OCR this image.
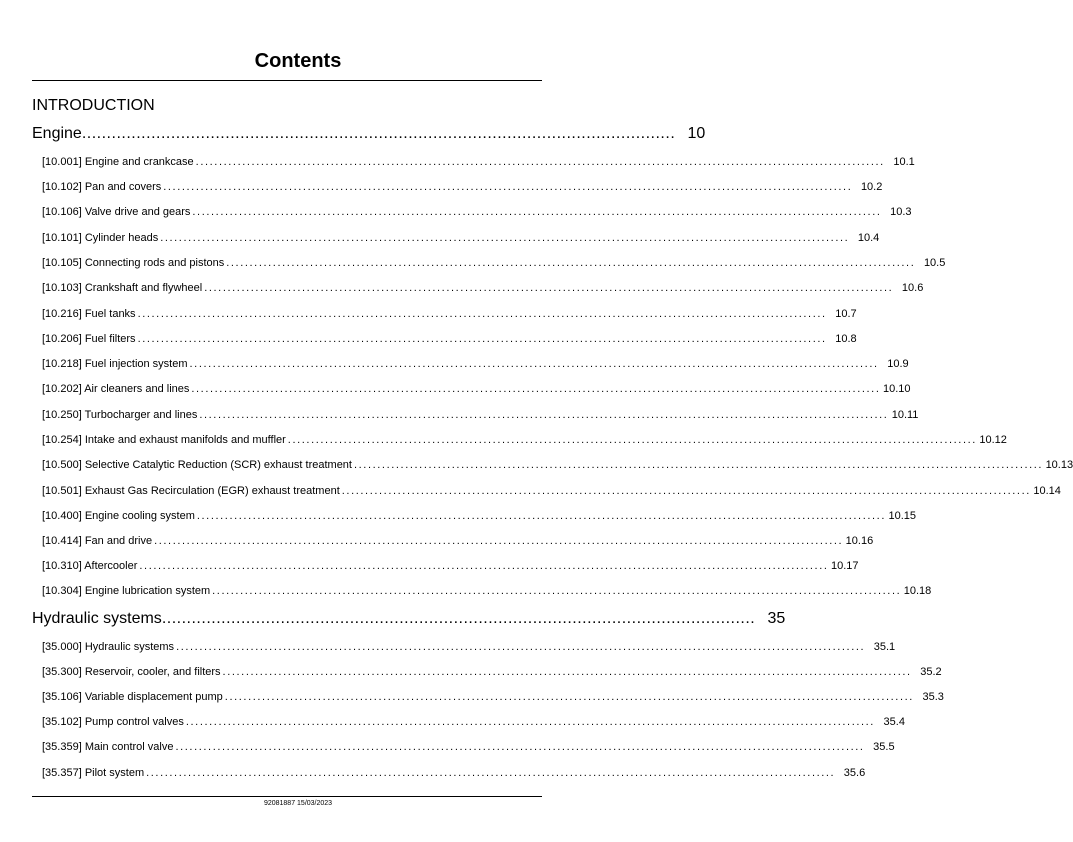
Contents
INTRODUCTION
Engine ........................................................................................................................ 10
[10.001] Engine and crankcase .................................................................................................................................................... 10.1
[10.102] Pan and covers .................................................................................................................................................... 10.2
[10.106] Valve drive and gears .................................................................................................................................................... 10.3
[10.101] Cylinder heads .................................................................................................................................................... 10.4
[10.105] Connecting rods and pistons .................................................................................................................................................... 10.5
[10.103] Crankshaft and flywheel .................................................................................................................................................... 10.6
[10.216] Fuel tanks .................................................................................................................................................... 10.7
[10.206] Fuel filters .................................................................................................................................................... 10.8
[10.218] Fuel injection system .................................................................................................................................................... 10.9
[10.202] Air cleaners and lines .................................................................................................................................................... 10.10
[10.250] Turbocharger and lines .................................................................................................................................................... 10.11
[10.254] Intake and exhaust manifolds and muffler .................................................................................................................................................... 10.12
[10.500] Selective Catalytic Reduction (SCR) exhaust treatment .................................................................................................................................................... 10.13
[10.501] Exhaust Gas Recirculation (EGR) exhaust treatment .................................................................................................................................................... 10.14
[10.400] Engine cooling system .................................................................................................................................................... 10.15
[10.414] Fan and drive .................................................................................................................................................... 10.16
[10.310] Aftercooler .................................................................................................................................................... 10.17
[10.304] Engine lubrication system .................................................................................................................................................... 10.18
Hydraulic systems ........................................................................................................................ 35
[35.000] Hydraulic systems .................................................................................................................................................... 35.1
[35.300] Reservoir, cooler, and filters .................................................................................................................................................... 35.2
[35.106] Variable displacement pump .................................................................................................................................................... 35.3
[35.102] Pump control valves .................................................................................................................................................... 35.4
[35.359] Main control valve .................................................................................................................................................... 35.5
[35.357] Pilot system .................................................................................................................................................... 35.6
92081887 15/03/2023
